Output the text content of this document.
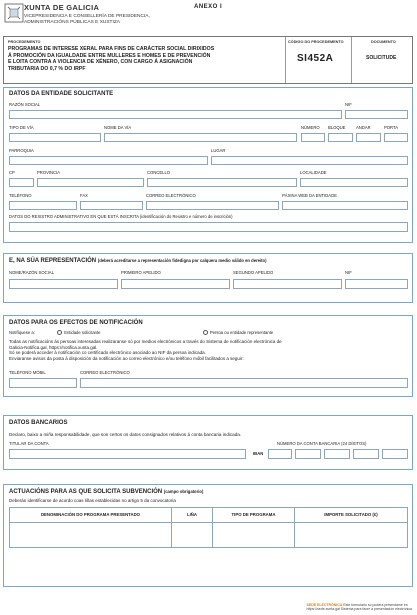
XUNTA DE GALICIA
VICEPRESIDENCIA E CONSELLERÍA DE PRESIDENCIA,
ADMINISTRACIÓNS PÚBLICAS E XUSTIZA
ANEXO I
PROCEDEMENTO
PROGRAMAS DE INTERESE XERAL PARA FINS DE CARÁCTER SOCIAL DIRIXIDOS
Á PROMOCIÓN DA IGUALDADE ENTRE MULLERES E HOMES E DE PREVENCIÓN
E LOITA CONTRA A VIOLENCIA DE XÉNERO, CON CARGO Á ASIGNACIÓN
TRIBUTARIA DO 0,7 % DO IRPF
CÓDIGO DO PROCEDEMENTO
SI452A
DOCUMENTO
SOLICITUDE
DATOS DA ENTIDADE SOLICITANTE
RAZÓN SOCIAL	NIF
TIPO DE VÍA	NOME DA VÍA	NÚMERO BLOQUE	ANDAR	PORTA
PARROQUIA	LUGAR
CP	PROVINCIA	CONCELLO	LOCALIDADE
TELÉFONO	FAX	CORREO ELECTRÓNICO	PÁXINA WEB DA ENTIDADE
DATOS DO REXISTRO ADMINISTRATIVO EN QUE ESTÁ INSCRITA (identificación do Rexistro e número de inscrición)
E, NA SÚA REPRESENTACIÓN (deberá acreditarse a representación fidedigna por calquera medio válido en dereito)
NOME/RAZÓN SOCIAL	PRIMEIRO APELIDO	SEGUNDO APELIDO	NIF
DATOS PARA OS EFECTOS DE NOTIFICACIÓN
Notifíquese a:	Entidade solicitante	Persoa ou entidade representante
Todas as notificacións ás persoas interesadas realizaranse só por medios electrónicos a través do Sistema de notificación electrónica de
Galicia-Notifica.gal, https://notifica.xunta.gal.
Só se poderá acceder á notificación co certificado electrónico asociado ao NIF da persoa indicada.
Enviaranse avisos da posta á disposición da notificación ao correo electrónico e/ou teléfono móbil facilitados a seguir:
TELÉFONO MÓBIL	CORREO ELECTRÓNICO
DATOS BANCARIOS
Declaro, baixo a miña responsabilidade, que son certos os datos consignados relativos á conta bancaria indicada.
TITULAR DA CONTA	NÚMERO DA CONTA BANCARIA (24 DÍXITOS)
IBAN
ACTUACIÓNS PARA AS QUE SOLICITA SUBVENCIÓN (campo obrigatorio)
Deberán identificarse de acordo coas liñas establecidas no artigo 5 da convocatoria
DENOMINACIÓN DO PROGRAMA PRESENTADO	LIÑA	TIPO DE PROGRAMA	IMPORTE SOLICITADO (€)

SEDE ELECTRÓNICA Este formulario só poderá presentarse en
https://sede.xunta.gal Sistema para facer a presentación electrónica
